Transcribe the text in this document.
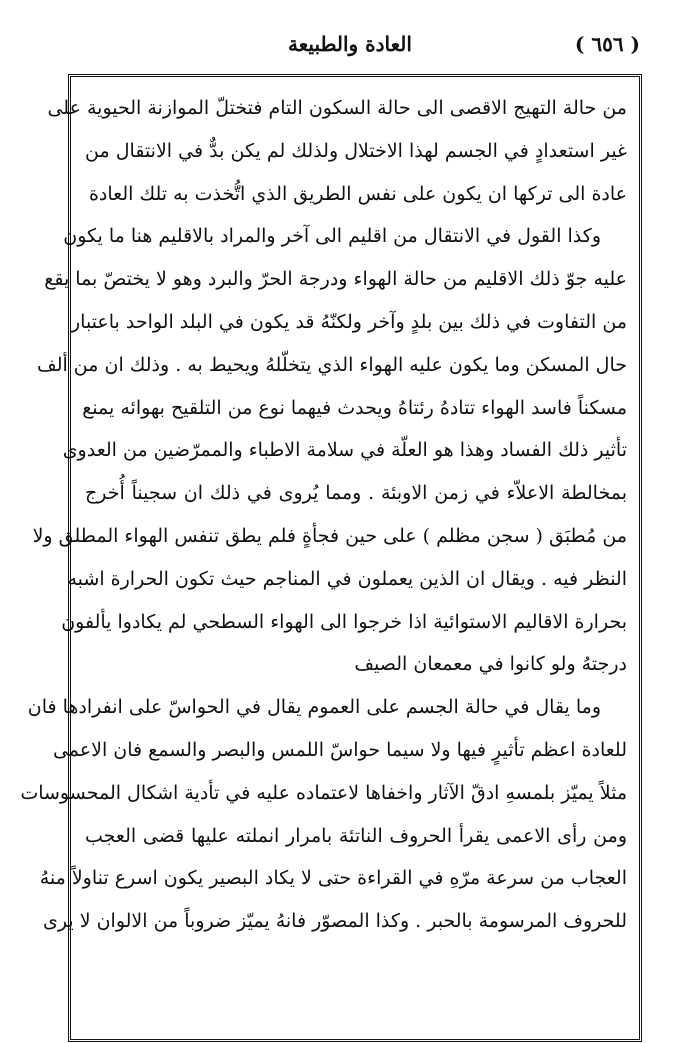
العادة والطبيعة	( ٦٥٦ )
من حالة التهيج الاقصى الى حالة السكون التام فتختلّ الموازنة الحيوية على
غير استعدادٍ في الجسم لهذا الاختلال ولذلك لم يكن بدٌّ في الانتقال من
عادة الى تركها ان يكون على نفس الطريق الذي اتُّخذت به تلك العادة
وكذا القول في الانتقال من اقليم الى آخر والمراد بالاقليم هنا ما يكون
عليه جوّ ذلك الاقليم من حالة الهواء ودرجة الحرّ والبرد وهو لا يختصّ بما يقع
من التفاوت في ذلك بين بلدٍ وآخر ولكنّهُ قد يكون في البلد الواحد باعتبار
حال المسكن وما يكون عليه الهواء الذي يتخلّلهُ ويحيط به . وذلك ان من ألف
مسكناً فاسد الهواء تتادهُ رئتاهُ ويحدث فيهما نوع من التلقيح بهوائه يمنع
تأثير ذلك الفساد وهذا هو العلّة في سلامة الاطباء والممرّضين من العدوى
بمخالطة الاعلاّء في زمن الاوبئة . ومما يُروى في ذلك ان سجيناً أُخرج
من مُطبَق ( سجن مظلم ) على حين فجأةٍ فلم يطق تنفس الهواء المطلق ولا
النظر فيه . ويقال ان الذين يعملون في المناجم حيث تكون الحرارة اشبه
بحرارة الاقاليم الاستوائية اذا خرجوا الى الهواء السطحي لم يكادوا يألفون
درجتهُ ولو كانوا في معمعان الصيف
وما يقال في حالة الجسم على العموم يقال في الحواسّ على انفرادها فان
للعادة اعظم تأثيرٍ فيها ولا سيما حواسّ اللمس والبصر والسمع فان الاعمى
مثلاً يميّز بلمسهِ ادقّ الآثار واخفاها لاعتماده عليه في تأدية اشكال المحسوسات
ومن رأى الاعمى يقرأ الحروف الناتئة بامرار انملته عليها قضى العجب
العجاب من سرعة مرّهِ في القراءة حتى لا يكاد البصير يكون اسرع تناولاً منهُ
للحروف المرسومة بالحبر . وكذا المصوّر فانهُ يميّز ضروباً من الالوان لا يرى
